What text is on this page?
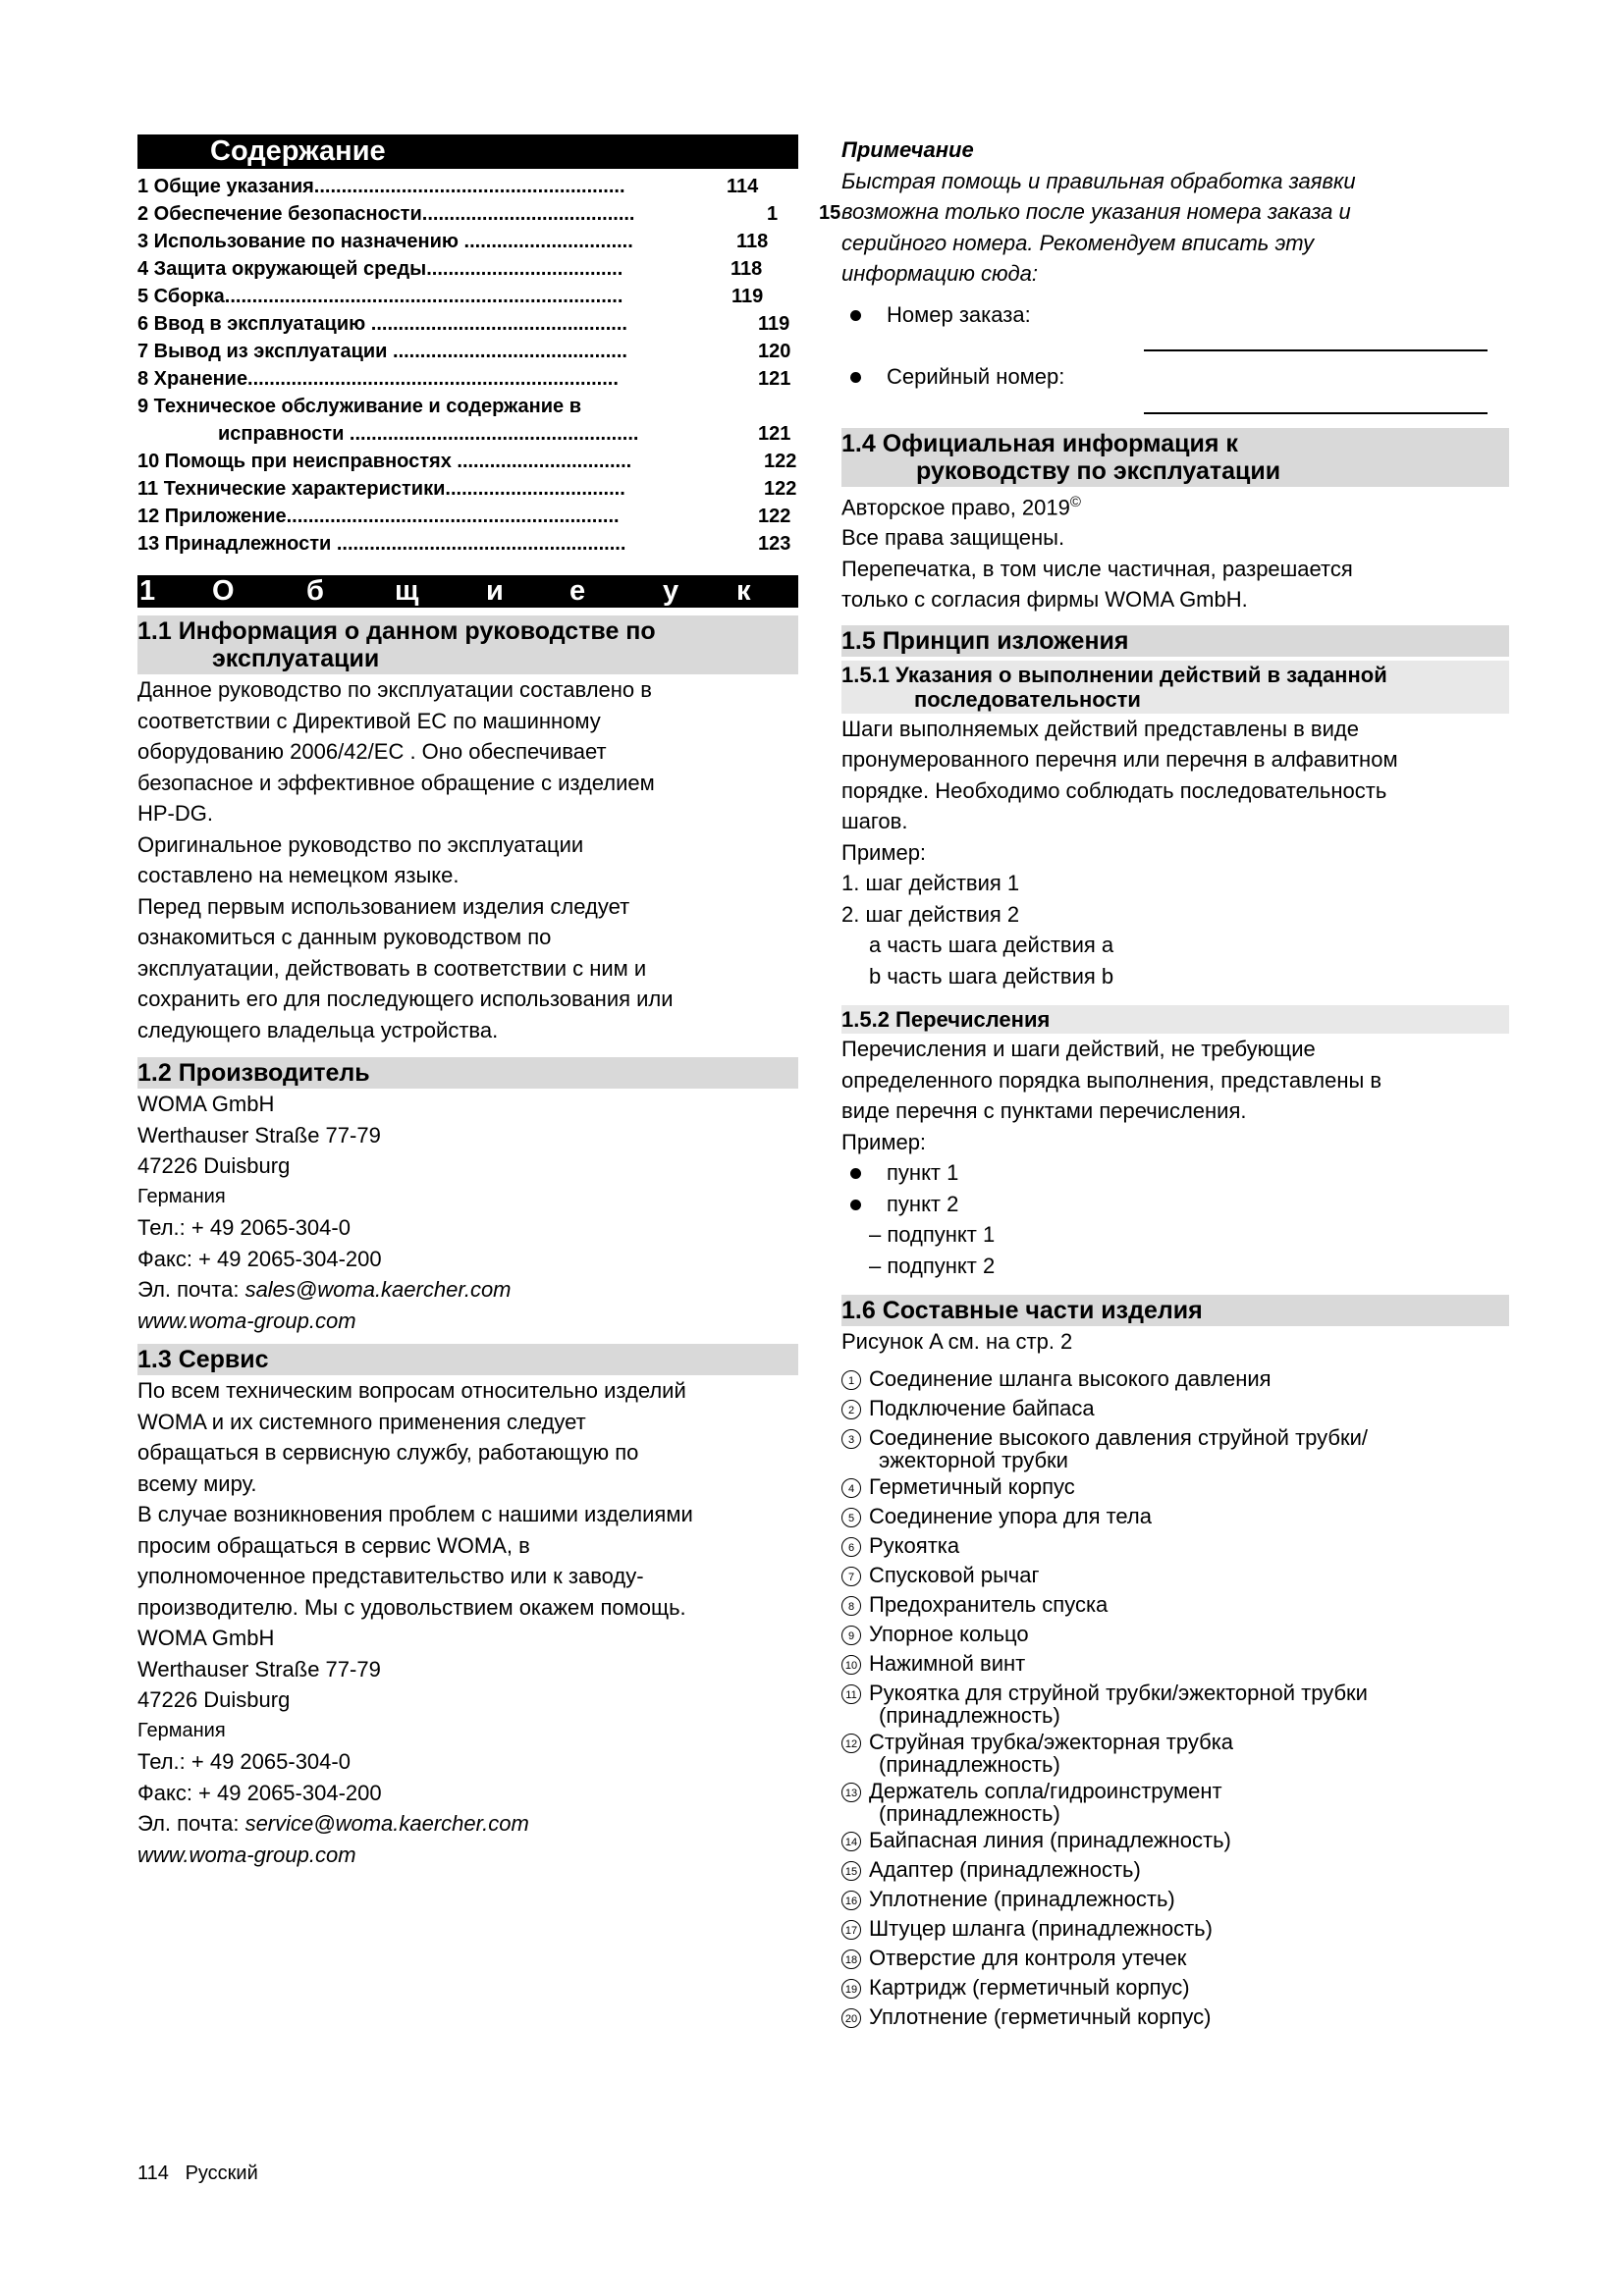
Содержание
1 Общие указания.........................................................	114
2 Обеспечение безопасности.......................................	1
3 Использование по назначению ...............................	118
4 Защита окружающей среды....................................	118
5 Сборка.........................................................................	119
6 Ввод в эксплуатацию ...............................................	119
7 Вывод из эксплуатации ...........................................	120
8 Хранение....................................................................	121
9 Техническое обслуживание и содержание в
исправности .....................................................	121
10 Помощь при неисправностях ................................	122
11 Технические характеристики.................................	122
12 Приложение.............................................................	122
13 Принадлежности .....................................................	123
1 О	б щ и е	у к
1.1 Информация о данном руководстве по
эксплуатации

Данное руководство по эксплуатации составлено в

соответствии с Директивой ЕС по машинному

оборудованию 2006/42/EC . Оно обеспечивает

безопасное и эффективное обращение с изделием

HP-DG.

Оригинальное руководство по эксплуатации

составлено на немецком языке.

Перед первым использованием изделия следует

ознакомиться с данным руководством по

эксплуатации, действовать в соответствии с ним и

сохранить его для последующего использования или

следующего владельца устройства.

1.2 Производитель

WOMA GmbH

Werthauser Straße 77-79

47226 Duisburg

Германия

Тел.: + 49 2065-304-0

Факс: + 49 2065-304-200

Эл. почта: sales@woma.kaercher.com

www.woma-group.com

1.3 Сервис

По всем техническим вопросам относительно изделий

WOMA и их системного применения следует

обращаться в сервисную службу, работающую по

всему миру.

В случае возникновения проблем с нашими изделиями

просим обращаться в сервис WOMA, в

уполномоченное представительство или к заводу-

производителю. Мы с удовольствием окажем помощь.

WOMA GmbH

Werthauser Straße 77-79

47226 Duisburg

Германия

Тел.: + 49 2065-304-0

Факс: + 49 2065-304-200

Эл. почта: service@woma.kaercher.com

www.woma-group.com

15

Примечание

Быстрая помощь и правильная обработка заявки

возможна только после указания номера заказа и

серийного номера. Рекомендуем вписать эту

информацию сюда:

Номер заказа:
Серийный номер:
1.4 Официальная информация к
руководству по эксплуатации

Авторское право, 2019©

Все права защищены.

Перепечатка, в том числе частичная, разрешается

только с согласия фирмы WOMA GmbH.

1.5 Принцип изложения
1.5.1 Указания о выполнении действий в заданной
последовательности

Шаги выполняемых действий представлены в виде

пронумерованного перечня или перечня в алфавитном

порядке. Необходимо соблюдать последовательность

шагов.

Пример:

1. шаг действия 1

2. шаг действия 2

a часть шага действия a

b часть шага действия b

1.5.2 Перечисления

Перечисления и шаги действий, не требующие

определенного порядка выполнения, представлены в

виде перечня с пунктами перечисления.

Пример:

пункт 1
пункт 2

– подпункт 1

– подпункт 2

1.6 Составные части изделия

Рисунок A см. на стр. 2

1 Соединение шланга высокого давления
2 Подключение байпаса
3 Соединение высокого давления струйной трубки/
эжекторной трубки
4 Герметичный корпус
5 Соединение упора для тела
6 Рукоятка
7 Спусковой рычаг
8 Предохранитель спуска
9 Упорное кольцо
10 Нажимной винт
11 Рукоятка для струйной трубки/эжекторной трубки
(принадлежность)
12 Струйная трубка/эжекторная трубка
(принадлежность)
13 Держатель сопла/гидроинструмент
(принадлежность)
14 Байпасная линия (принадлежность)
15 Адаптер (принадлежность)
16 Уплотнение (принадлежность)
17 Штуцер шланга (принадлежность)
18 Отверстие для контроля утечек
19 Картридж (герметичный корпус)
20 Уплотнение (герметичный корпус)
114 Русский
